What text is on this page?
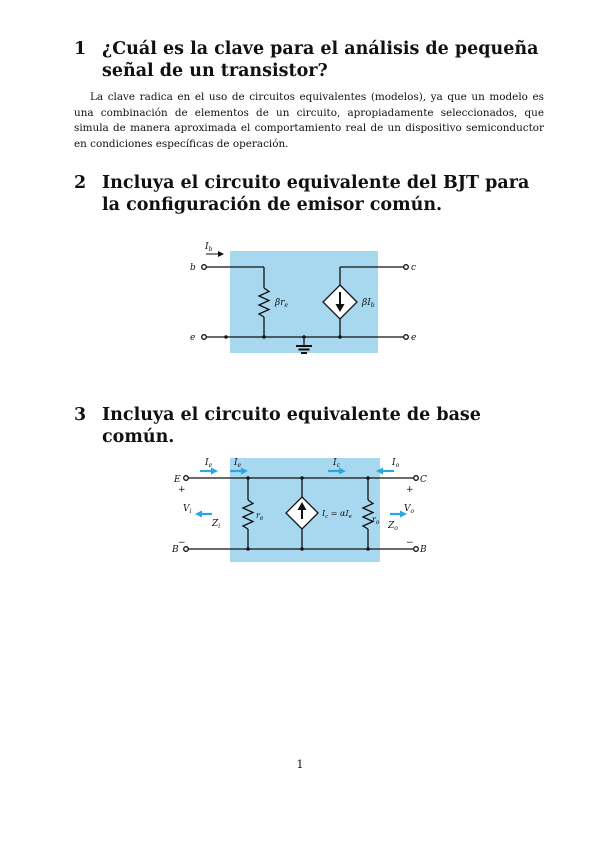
1 ¿Cuál es la clave para el análisis de pequeña señal de un transistor?

La clave radica en el uso de circuitos equivalentes (modelos), ya que un modelo es una combinación de elementos de un circuito, apropiadamente seleccionados, que simula de manera aproximada el comportamiento real de un dispositivo semiconductor en condiciones específicas de operación.

2 Incluya el circuito equivalente del BJT para la configuración de emisor común.
$I_b$
b	c
e	e
$\beta r_e$	$\beta I_b$
3 Incluya el circuito equivalente de base común.
$I_e$ $I_e$	$I_c$	$I_o$
E
+
C
+
B
−
B
−
$V_i$
$Z_i$
$r_e$
$I_c = \alpha I_e$	$r_o$ $Z_o$
$V_o$
1
